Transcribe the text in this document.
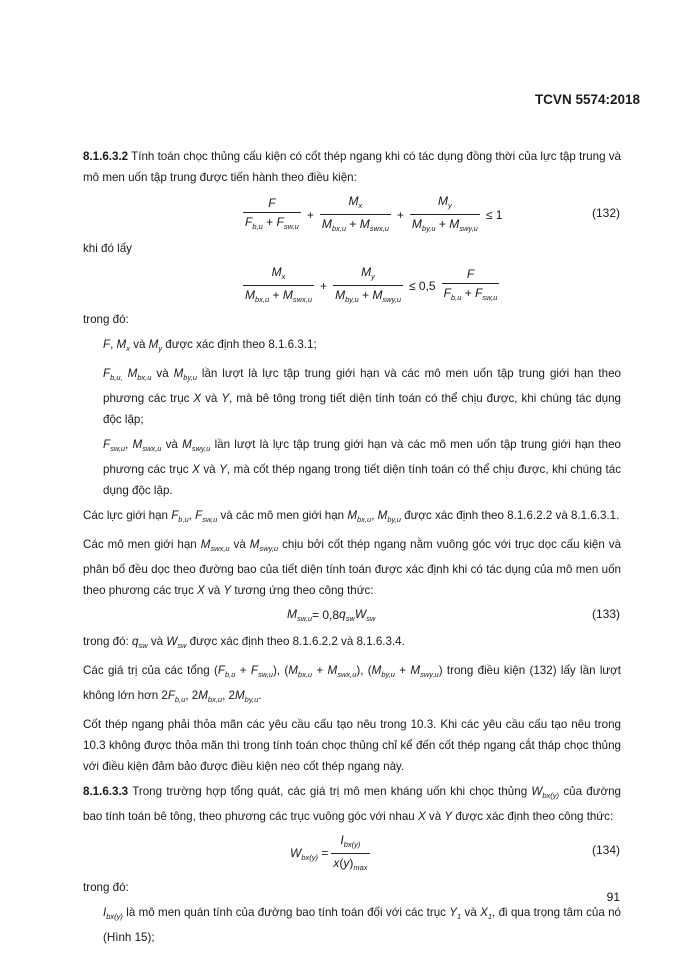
TCVN 5574:2018
8.1.6.3.2 Tính toán chọc thủng cấu kiện có cốt thép ngang khi có tác dụng đồng thời của lực tập trung và mô men uốn tập trung được tiến hành theo điều kiện:
$\frac{F}{F_{b,u} + F_{sw,u}} + \frac{M_x}{M_{bx,u} + M_{swx,u}} + \frac{M_y}{M_{by,u} + M_{swy,u}} \le 1$	(132)
khi đó lấy
$\frac{M_x}{M_{bx,u} + M_{swx,u}} + \frac{M_y}{M_{by,u} + M_{swy,u}} \le 0,5 \frac{F}{F_{b,u} + F_{sw,u}}$
trong đó:
F, $M_x$ và $M_y$ được xác định theo 8.1.6.3.1;
$F_{b,u,}$ $M_{bx,u}$ và $M_{by,u}$ lần lượt là lực tập trung giới hạn và các mô men uốn tập trung giới hạn theo phương các trục X và Y, mà bê tông trong tiết diện tính toán có thể chịu được, khi chúng tác dụng độc lập;
$F_{sw,u}$, $M_{swx,u}$ và $M_{swy,u}$ lần lượt là lực tập trung giới hạn và các mô men uốn tập trung giới hạn theo phương các trục X và Y, mà cốt thép ngang trong tiết diện tính toán có thể chịu được, khi chúng tác dụng độc lập.
Các lực giới hạn $F_{b,u}$, $F_{sw,u}$ và các mô men giới hạn $M_{bx,u}$, $M_{by,u}$ được xác định theo 8.1.6.2.2 và 8.1.6.3.1.
Các mô men giới hạn $M_{swx,u}$ và $M_{swy,u}$ chịu bởi cốt thép ngang nằm vuông góc với trục dọc cấu kiện và phân bố đều dọc theo đường bao của tiết diện tính toán được xác định khi có tác dụng của mô men uốn theo phương các trục X và Y tương ứng theo công thức:
$M_{sw,u} = 0,8$ $q_{sw}$ $W_{sw}$	(133)
trong đó: $q_{sw}$ và $W_{sw}$ được xác định theo 8.1.6.2.2 và 8.1.6.3.4.
Các giá trị của các tổng $(F_{b,u} + F_{sw,u})$, $(M_{bx,u} + M_{swx,u})$, $(M_{by,u} + M_{swy,u})$ trong điều kiện (132) lấy lần lượt không lớn hơn $2F_{b,u}$, $2M_{bx,u}$, $2M_{by,u}$.
Cốt thép ngang phải thỏa mãn các yêu cầu cấu tạo nêu trong 10.3. Khi các yêu cầu cấu tạo nêu trong 10.3 không được thỏa mãn thì trong tính toán chọc thủng chỉ kể đến cốt thép ngang cắt tháp chọc thủng với điều kiện đảm bảo được điều kiện neo cốt thép ngang này.
8.1.6.3.3 Trong trường hợp tổng quát, các giá trị mô men kháng uốn khi chọc thủng $W_{bx(y)}$ của đường bao tính toán bê tông, theo phương các trục vuông góc với nhau X và Y được xác định theo công thức:
$W_{bx(y)} = \frac{I_{bx(y)}}{x(y)_{max}}$	(134)
trong đó:
$I_{bx(y)}$ là mô men quán tính của đường bao tính toán đối với các trục $Y_1$ và $X_1$, đi qua trọng tâm của nó (Hình 15);
91
